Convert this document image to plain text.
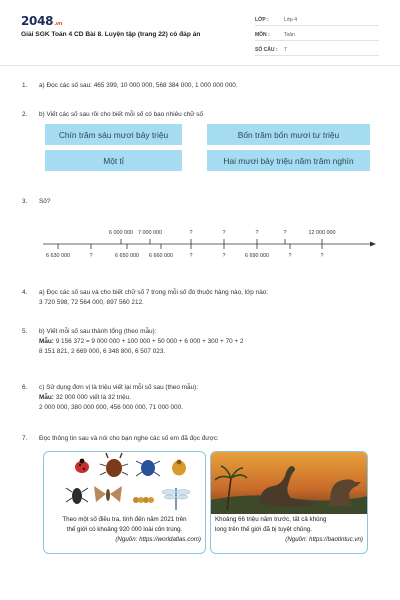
2048.vn
Giải SGK Toán 4 CD Bài 8. Luyện tập (trang 22) có đáp án
LỚP :	Lớp 4
MÔN :	Toán
SỐ CÂU : 7
1. a) Đọc các số sau: 465 399, 10 000 000, 568 384 000, 1 000 000 000.
2. b) Viết các số sau rồi cho biết mỗi số có bao nhiêu chữ số
Chín trăm sáu mươi bảy triệu	Bốn trăm bốn mươi tư triệu
Một tỉ	Hai mươi bảy triệu năm trăm nghìn
3. Số?
6 000 000 7 000 000	?	?	?	?	12 000 000
6 630 000	?	6 650 000 6 660 000	?	?	6 690 000	?	?
4. a) Đọc các số sau và cho biết chữ số 7 trong mỗi số đó thuộc hàng nào, lớp nào:
3 720 598, 72 564 000, 897 560 212.
5. b) Viết mỗi số sau thành tổng (theo mẫu):
Mẫu: 9 156 372 = 9 000 000 + 100 000 + 50 000 + 6 000 + 300 + 70 + 2
8 151 821, 2 669 000, 6 348 800, 6 507 023.
6. c) Sử dụng đơn vị là triệu viết lại mỗi số sau (theo mẫu):
Mẫu: 32 000 000 viết là 32 triệu.
2 000 000, 380 000 000, 456 000 000, 71 000 000.
7. Đọc thông tin sau và nói cho bạn nghe các số em đã đọc được:
Theo một số điều tra, tính đến năm 2021 trên
thế giới có khoảng 920 000 loài côn trùng.
(Nguồn: https://worldatlas.com)
Khoảng 66 triệu năm trước, tất cả khủng
long trên thế giới đã bị tuyệt chủng.
(Nguồn: https://baotintuc.vn)
